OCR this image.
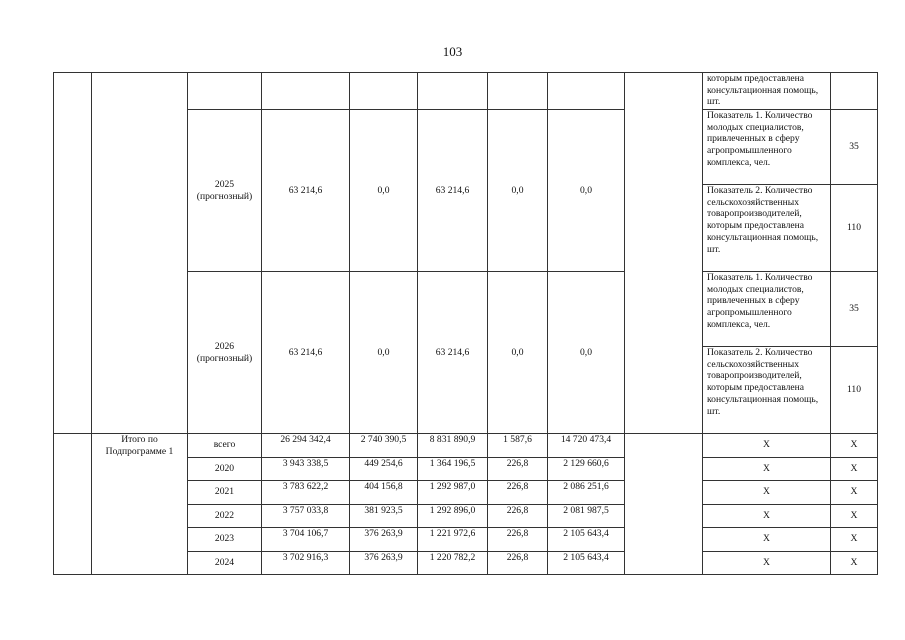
103
									которым предоставлена консультационная помощь, шт.	
		2025 (прогнозный)	63 214,6	0,0	63 214,6	0,0	0,0		Показатель 1. Количество молодых специалистов, привлеченных в сферу агропромышленного комплекса, чел.	35
									Показатель 2. Количество сельскохозяйственных товаропроизводителей, которым предоставлена консультационная помощь, шт.	110
		2026 (прогнозный)	63 214,6	0,0	63 214,6	0,0	0,0		Показатель 1. Количество молодых специалистов, привлеченных в сферу агропромышленного комплекса, чел.	35
									Показатель 2. Количество сельскохозяйственных товаропроизводителей, которым предоставлена консультационная помощь, шт.	110
	Итого по Подпрограмме 1	всего	26 294 342,4	2 740 390,5	8 831 890,9	1 587,6	14 720 473,4		X	X
		2020	3 943 338,5	449 254,6	1 364 196,5	226,8	2 129 660,6		X	X
		2021	3 783 622,2	404 156,8	1 292 987,0	226,8	2 086 251,6		X	X
		2022	3 757 033,8	381 923,5	1 292 896,0	226,8	2 081 987,5		X	X
		2023	3 704 106,7	376 263,9	1 221 972,6	226,8	2 105 643,4		X	X
		2024	3 702 916,3	376 263,9	1 220 782,2	226,8	2 105 643,4		X	X
